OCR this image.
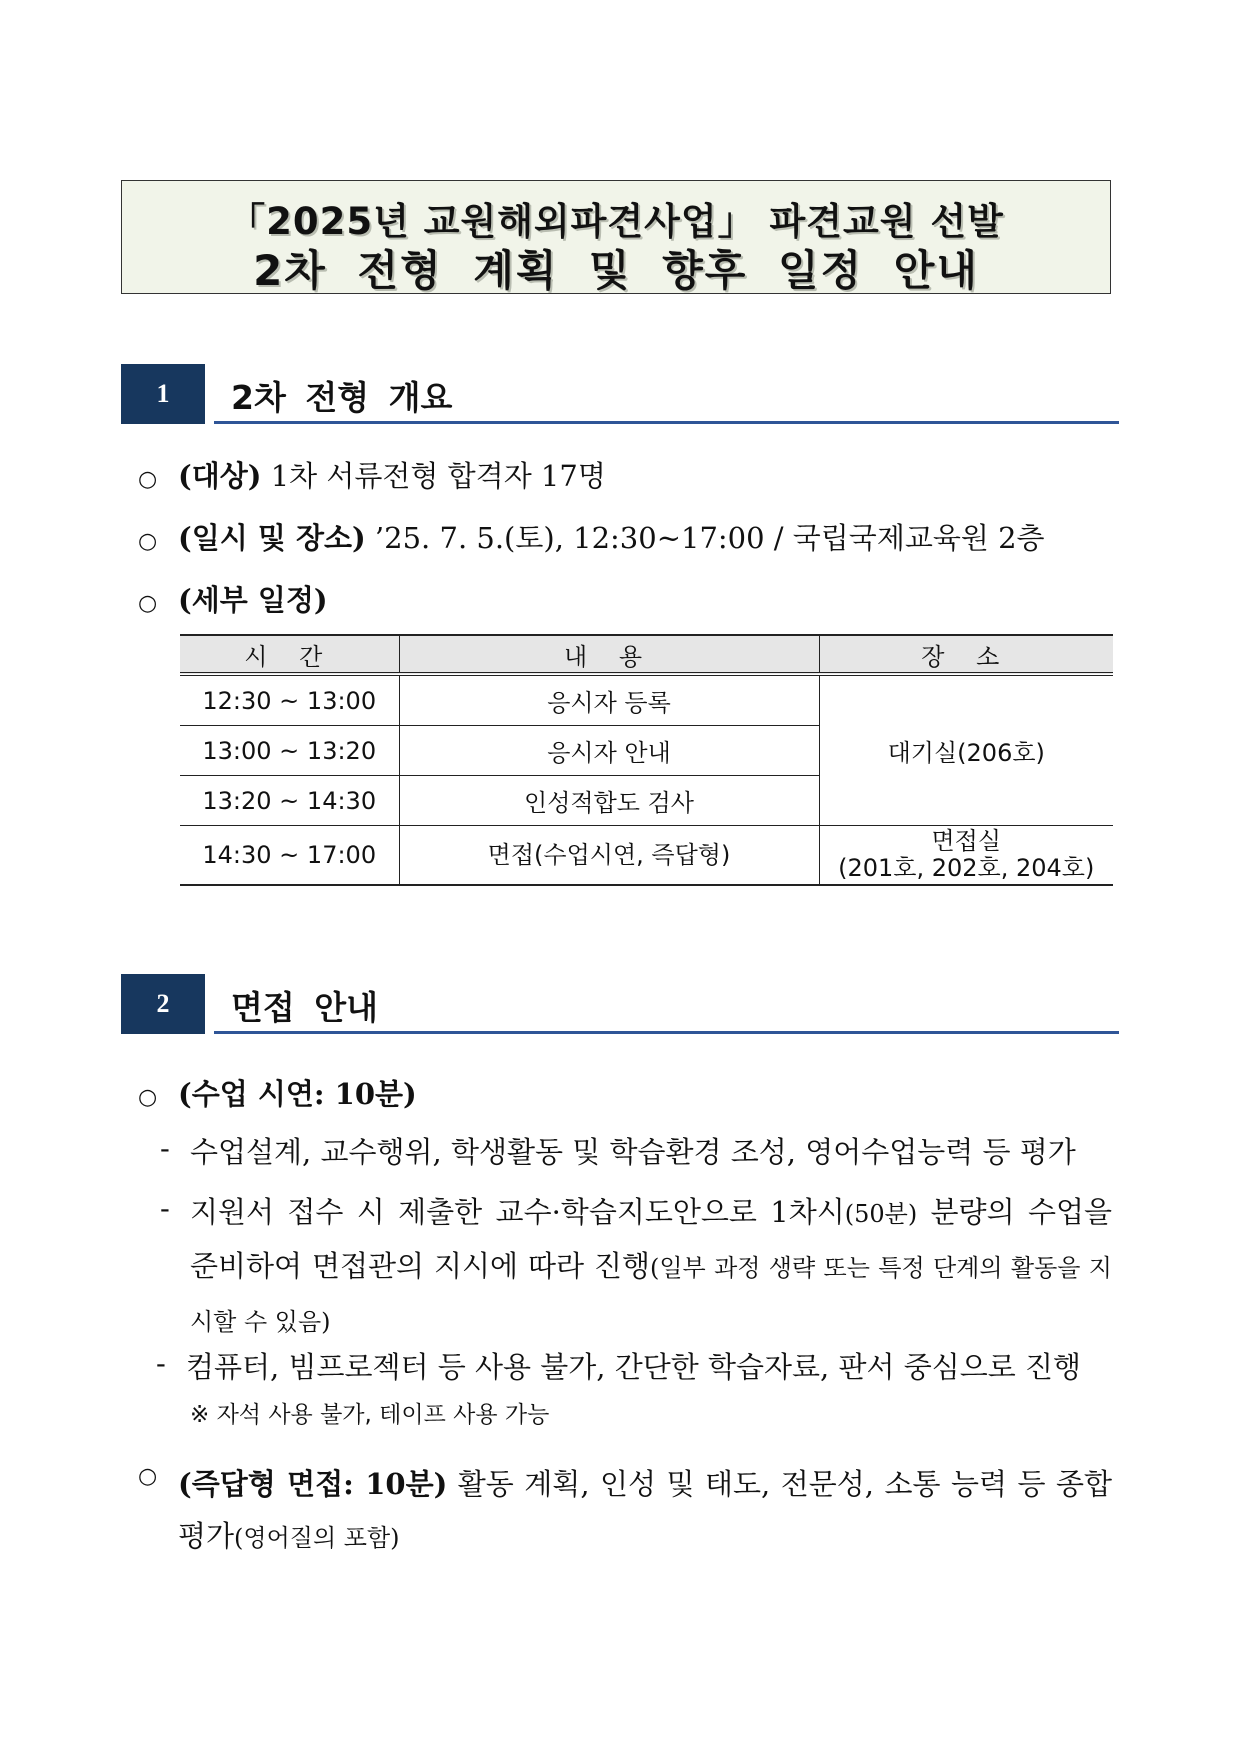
「2025년 교원해외파견사업」 파견교원 선발
2차 전형 계획 및 향후 일정 안내
1	2차 전형 개요
○ (대상) 1차 서류전형 합격자 17명
○ (일시 및 장소) ’25. 7. 5.(토), 12:30~17:00 / 국립국제교육원 2층
○ (세부 일정)
시 간	내 용	장 소
12:30 ~ 13:00	응시자 등록	대기실(206호)
13:00 ~ 13:20	응시자 안내	
13:20 ~ 14:30	인성적합도 검사	
14:30 ~ 17:00	면접(수업시연, 즉답형)	면접실
(201호, 202호, 204호)
2	면접 안내
○ (수업 시연: 10분)
- 수업설계, 교수행위, 학생활동 및 학습환경 조성, 영어수업능력 등 평가
- 지원서 접수 시 제출한 교수·학습지도안으로 1차시(50분) 분량의 수업을 준비하여 면접관의 지시에 따라 진행(일부 과정 생략 또는 특정 단계의 활동을 지시할 수 있음)
- 컴퓨터, 빔프로젝터 등 사용 불가, 간단한 학습자료, 판서 중심으로 진행
※ 자석 사용 불가, 테이프 사용 가능
○ (즉답형 면접: 10분) 활동 계획, 인성 및 태도, 전문성, 소통 능력 등 종합 평가(영어질의 포함)
